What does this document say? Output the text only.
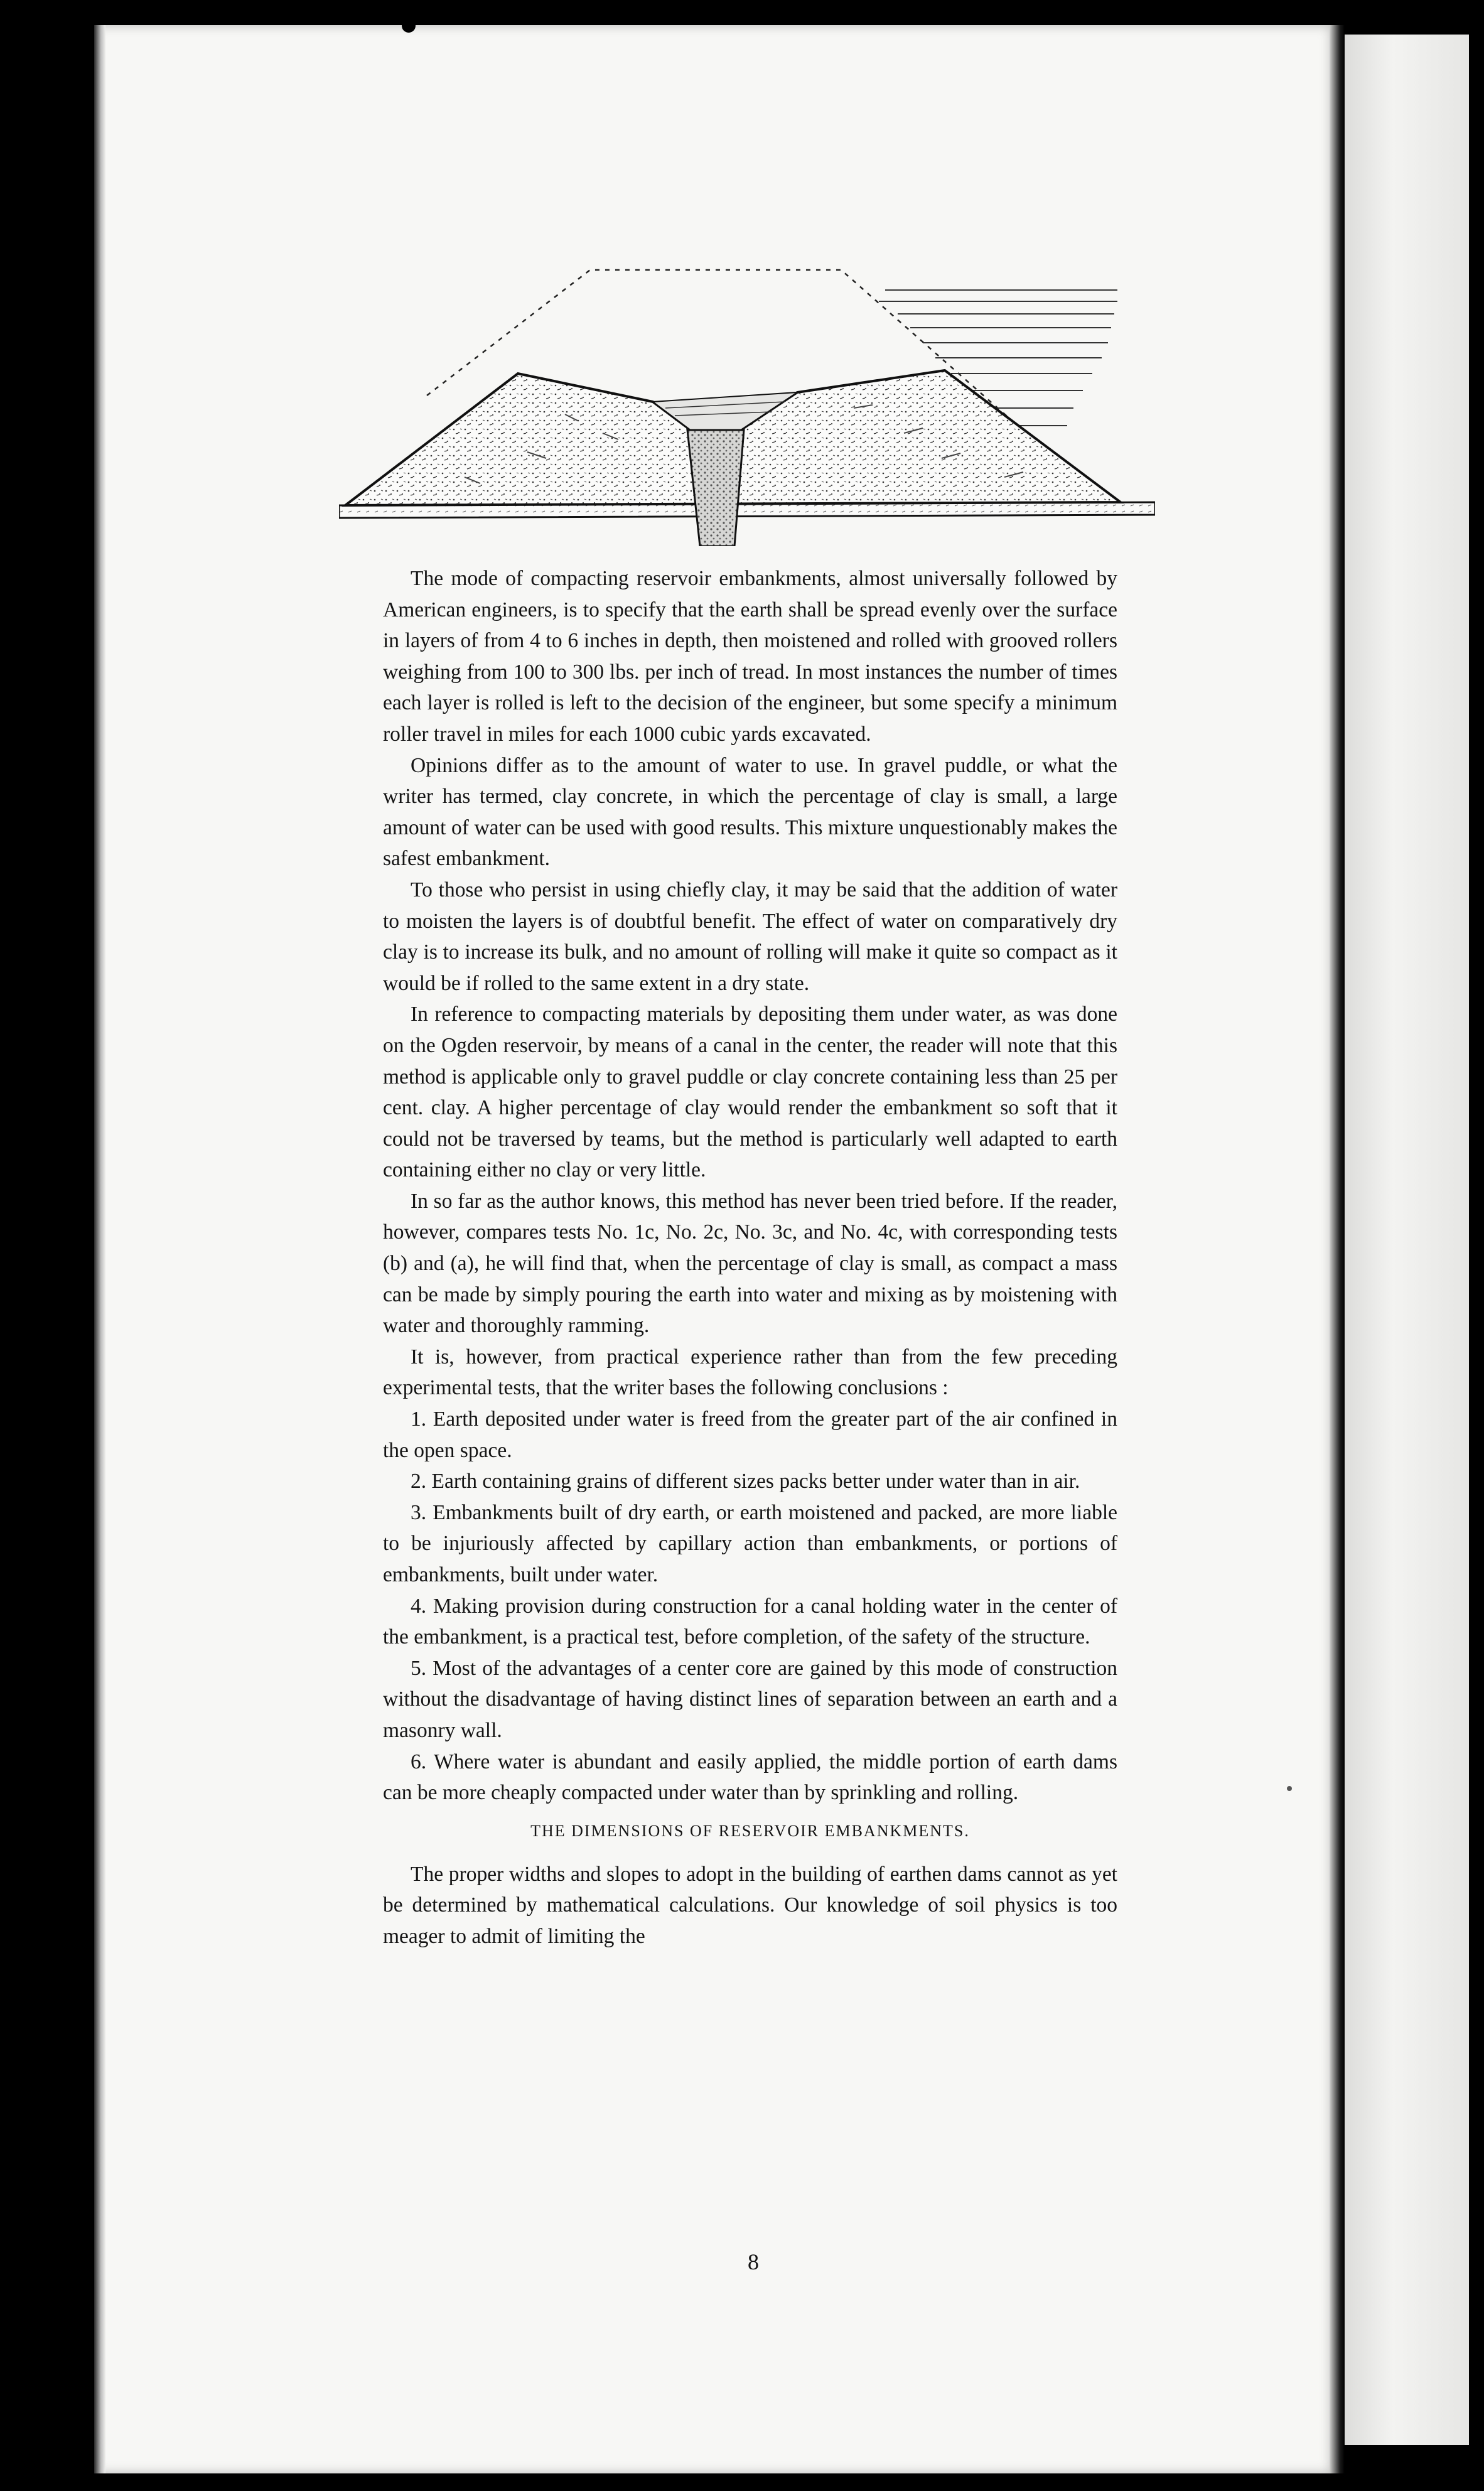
The mode of compacting reservoir embankments, almost universally followed by American engineers, is to specify that the earth shall be spread evenly over the surface in layers of from 4 to 6 inches in depth, then moistened and rolled with grooved rollers weighing from 100 to 300 lbs. per inch of tread. In most instances the number of times each layer is rolled is left to the decision of the engineer, but some specify a minimum roller travel in miles for each 1000 cubic yards excavated.

Opinions differ as to the amount of water to use. In gravel puddle, or what the writer has termed, clay concrete, in which the percentage of clay is small, a large amount of water can be used with good results. This mixture unquestionably makes the safest embankment.

To those who persist in using chiefly clay, it may be said that the addition of water to moisten the layers is of doubtful benefit. The effect of water on comparatively dry clay is to increase its bulk, and no amount of rolling will make it quite so compact as it would be if rolled to the same extent in a dry state.

In reference to compacting materials by depositing them under water, as was done on the Ogden reservoir, by means of a canal in the center, the reader will note that this method is applicable only to gravel puddle or clay concrete containing less than 25 per cent. clay. A higher percentage of clay would render the embankment so soft that it could not be traversed by teams, but the method is particularly well adapted to earth containing either no clay or very little.

In so far as the author knows, this method has never been tried before. If the reader, however, compares tests No. 1c, No. 2c, No. 3c, and No. 4c, with corresponding tests (b) and (a), he will find that, when the percentage of clay is small, as compact a mass can be made by simply pouring the earth into water and mixing as by moistening with water and thoroughly ramming.

It is, however, from practical experience rather than from the few preceding experimental tests, that the writer bases the following conclusions :

1. Earth deposited under water is freed from the greater part of the air confined in the open space.

2. Earth containing grains of different sizes packs better under water than in air.

3. Embankments built of dry earth, or earth moistened and packed, are more liable to be injuriously affected by capillary action than embankments, or portions of embankments, built under water.

4. Making provision during construction for a canal holding water in the center of the embankment, is a practical test, before completion, of the safety of the structure.

5. Most of the advantages of a center core are gained by this mode of construction without the disadvantage of having distinct lines of separation between an earth and a masonry wall.

6. Where water is abundant and easily applied, the middle portion of earth dams can be more cheaply compacted under water than by sprinkling and rolling.

THE DIMENSIONS OF RESERVOIR EMBANKMENTS.

The proper widths and slopes to adopt in the building of earthen dams cannot as yet be determined by mathematical calculations. Our knowledge of soil physics is too meager to admit of limiting the

8
